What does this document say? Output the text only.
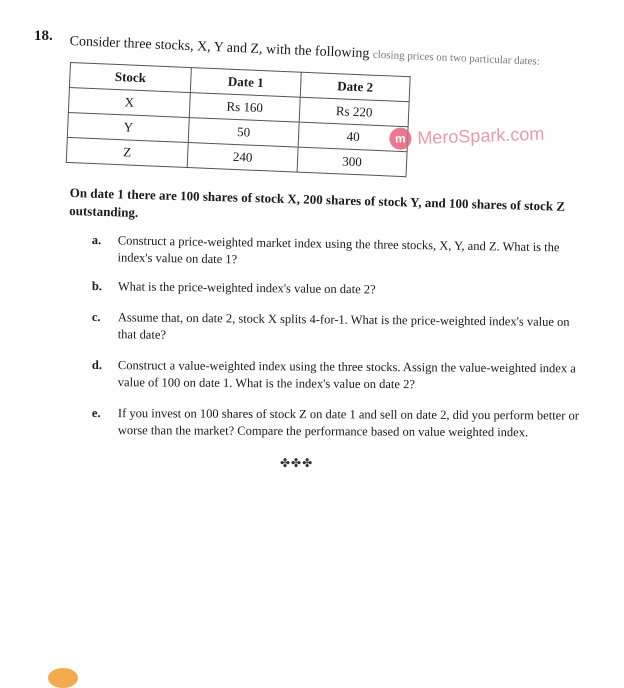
18. Consider three stocks, X, Y and Z, with the following closing prices on two particular dates:
Stock	Date 1	Date 2
X	Rs 160	Rs 220
Y	50	40
Z	240	300
m MeroSpark.com
On date 1 there are 100 shares of stock X, 200 shares of stock Y, and 100 shares of stock Z outstanding.
a.	Construct a price-weighted market index using the three stocks, X, Y, and Z. What is the index's value on date 1?
b.	What is the price-weighted index's value on date 2?
c.	Assume that, on date 2, stock X splits 4-for-1. What is the price-weighted index's value on that date?
d.	Construct a value-weighted index using the three stocks. Assign the value-weighted index a value of 100 on date 1. What is the index's value on date 2?
e.	If you invest on 100 shares of stock Z on date 1 and sell on date 2, did you perform better or worse than the market? Compare the performance based on value weighted index.
✤✤✤
